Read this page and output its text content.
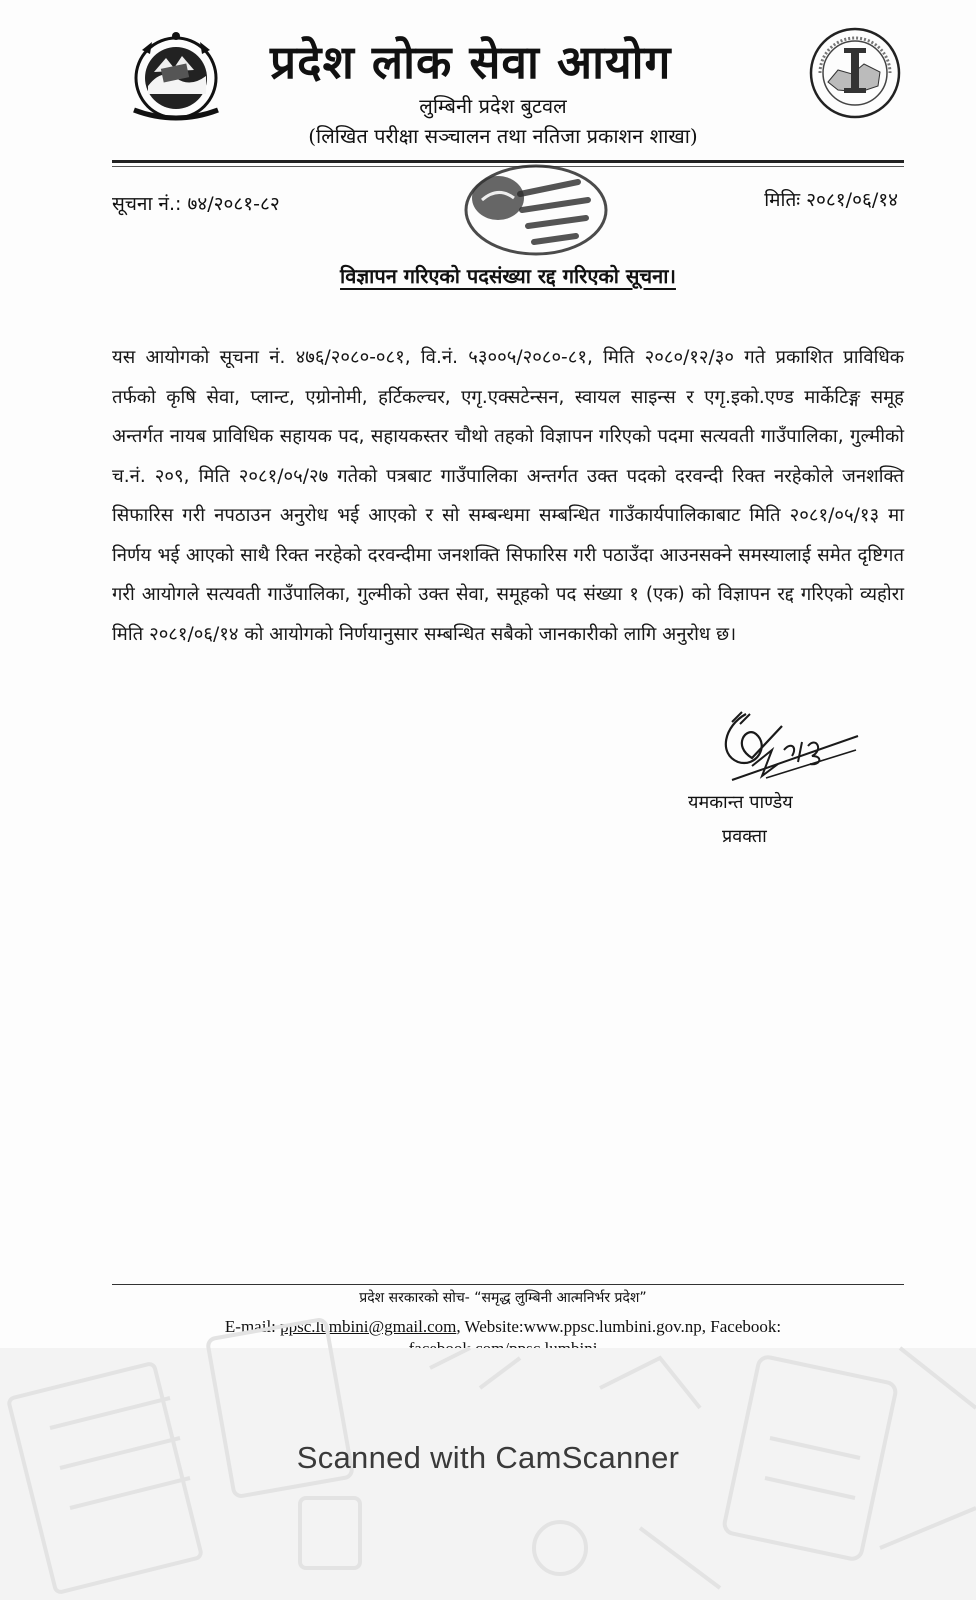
प्रदेश लोक सेवा आयोग
लुम्बिनी प्रदेश बुटवल
(लिखित परीक्षा सञ्चालन तथा नतिजा प्रकाशन शाखा)
सूचना नं.: ७४/२०८१-८२	मितिः २०८१/०६/१४
विज्ञापन गरिएको पदसंख्या रद्द गरिएको सूचना।
यस आयोगको सूचना नं. ४७६/२०८०-०८१, वि.नं. ५३००५/२०८०-८१, मिति २०८०/१२/३० गते प्रकाशित प्राविधिक तर्फको कृषि सेवा, प्लान्ट, एग्रोनोमी, हर्टिकल्चर, एगृ.एक्सटेन्सन, स्वायल साइन्स र एगृ.इको.एण्ड मार्केटिङ्ग समूह अन्तर्गत नायब प्राविधिक सहायक पद, सहायकस्तर चौथो तहको विज्ञापन गरिएको पदमा सत्यवती गाउँपालिका, गुल्मीको च.नं. २०९, मिति २०८१/०५/२७ गतेको पत्रबाट गाउँपालिका अन्तर्गत उक्त पदको दरवन्दी रिक्त नरहेकोले जनशक्ति सिफारिस गरी नपठाउन अनुरोध भई आएको र सो सम्बन्धमा सम्बन्धित गाउँकार्यपालिकाबाट मिति २०८१/०५/१३ मा निर्णय भई आएको साथै रिक्त नरहेको दरवन्दीमा जनशक्ति सिफारिस गरी पठाउँदा आउनसक्ने समस्यालाई समेत दृष्टिगत गरी आयोगले सत्यवती गाउँपालिका, गुल्मीको उक्त सेवा, समूहको पद संख्या १ (एक) को विज्ञापन रद्द गरिएको व्यहोरा मिति २०८१/०६/१४ को आयोगको निर्णयानुसार सम्बन्धित सबैको जानकारीको लागि अनुरोध छ।
यमकान्त पाण्डेय
प्रवक्ता
प्रदेश सरकारको सोच- “समृद्ध लुम्बिनी आत्मनिर्भर प्रदेश”
E-mail: ppsc.lumbini@gmail.com, Website:www.ppsc.lumbini.gov.np, Facebook:

Scanned with CamScanner
